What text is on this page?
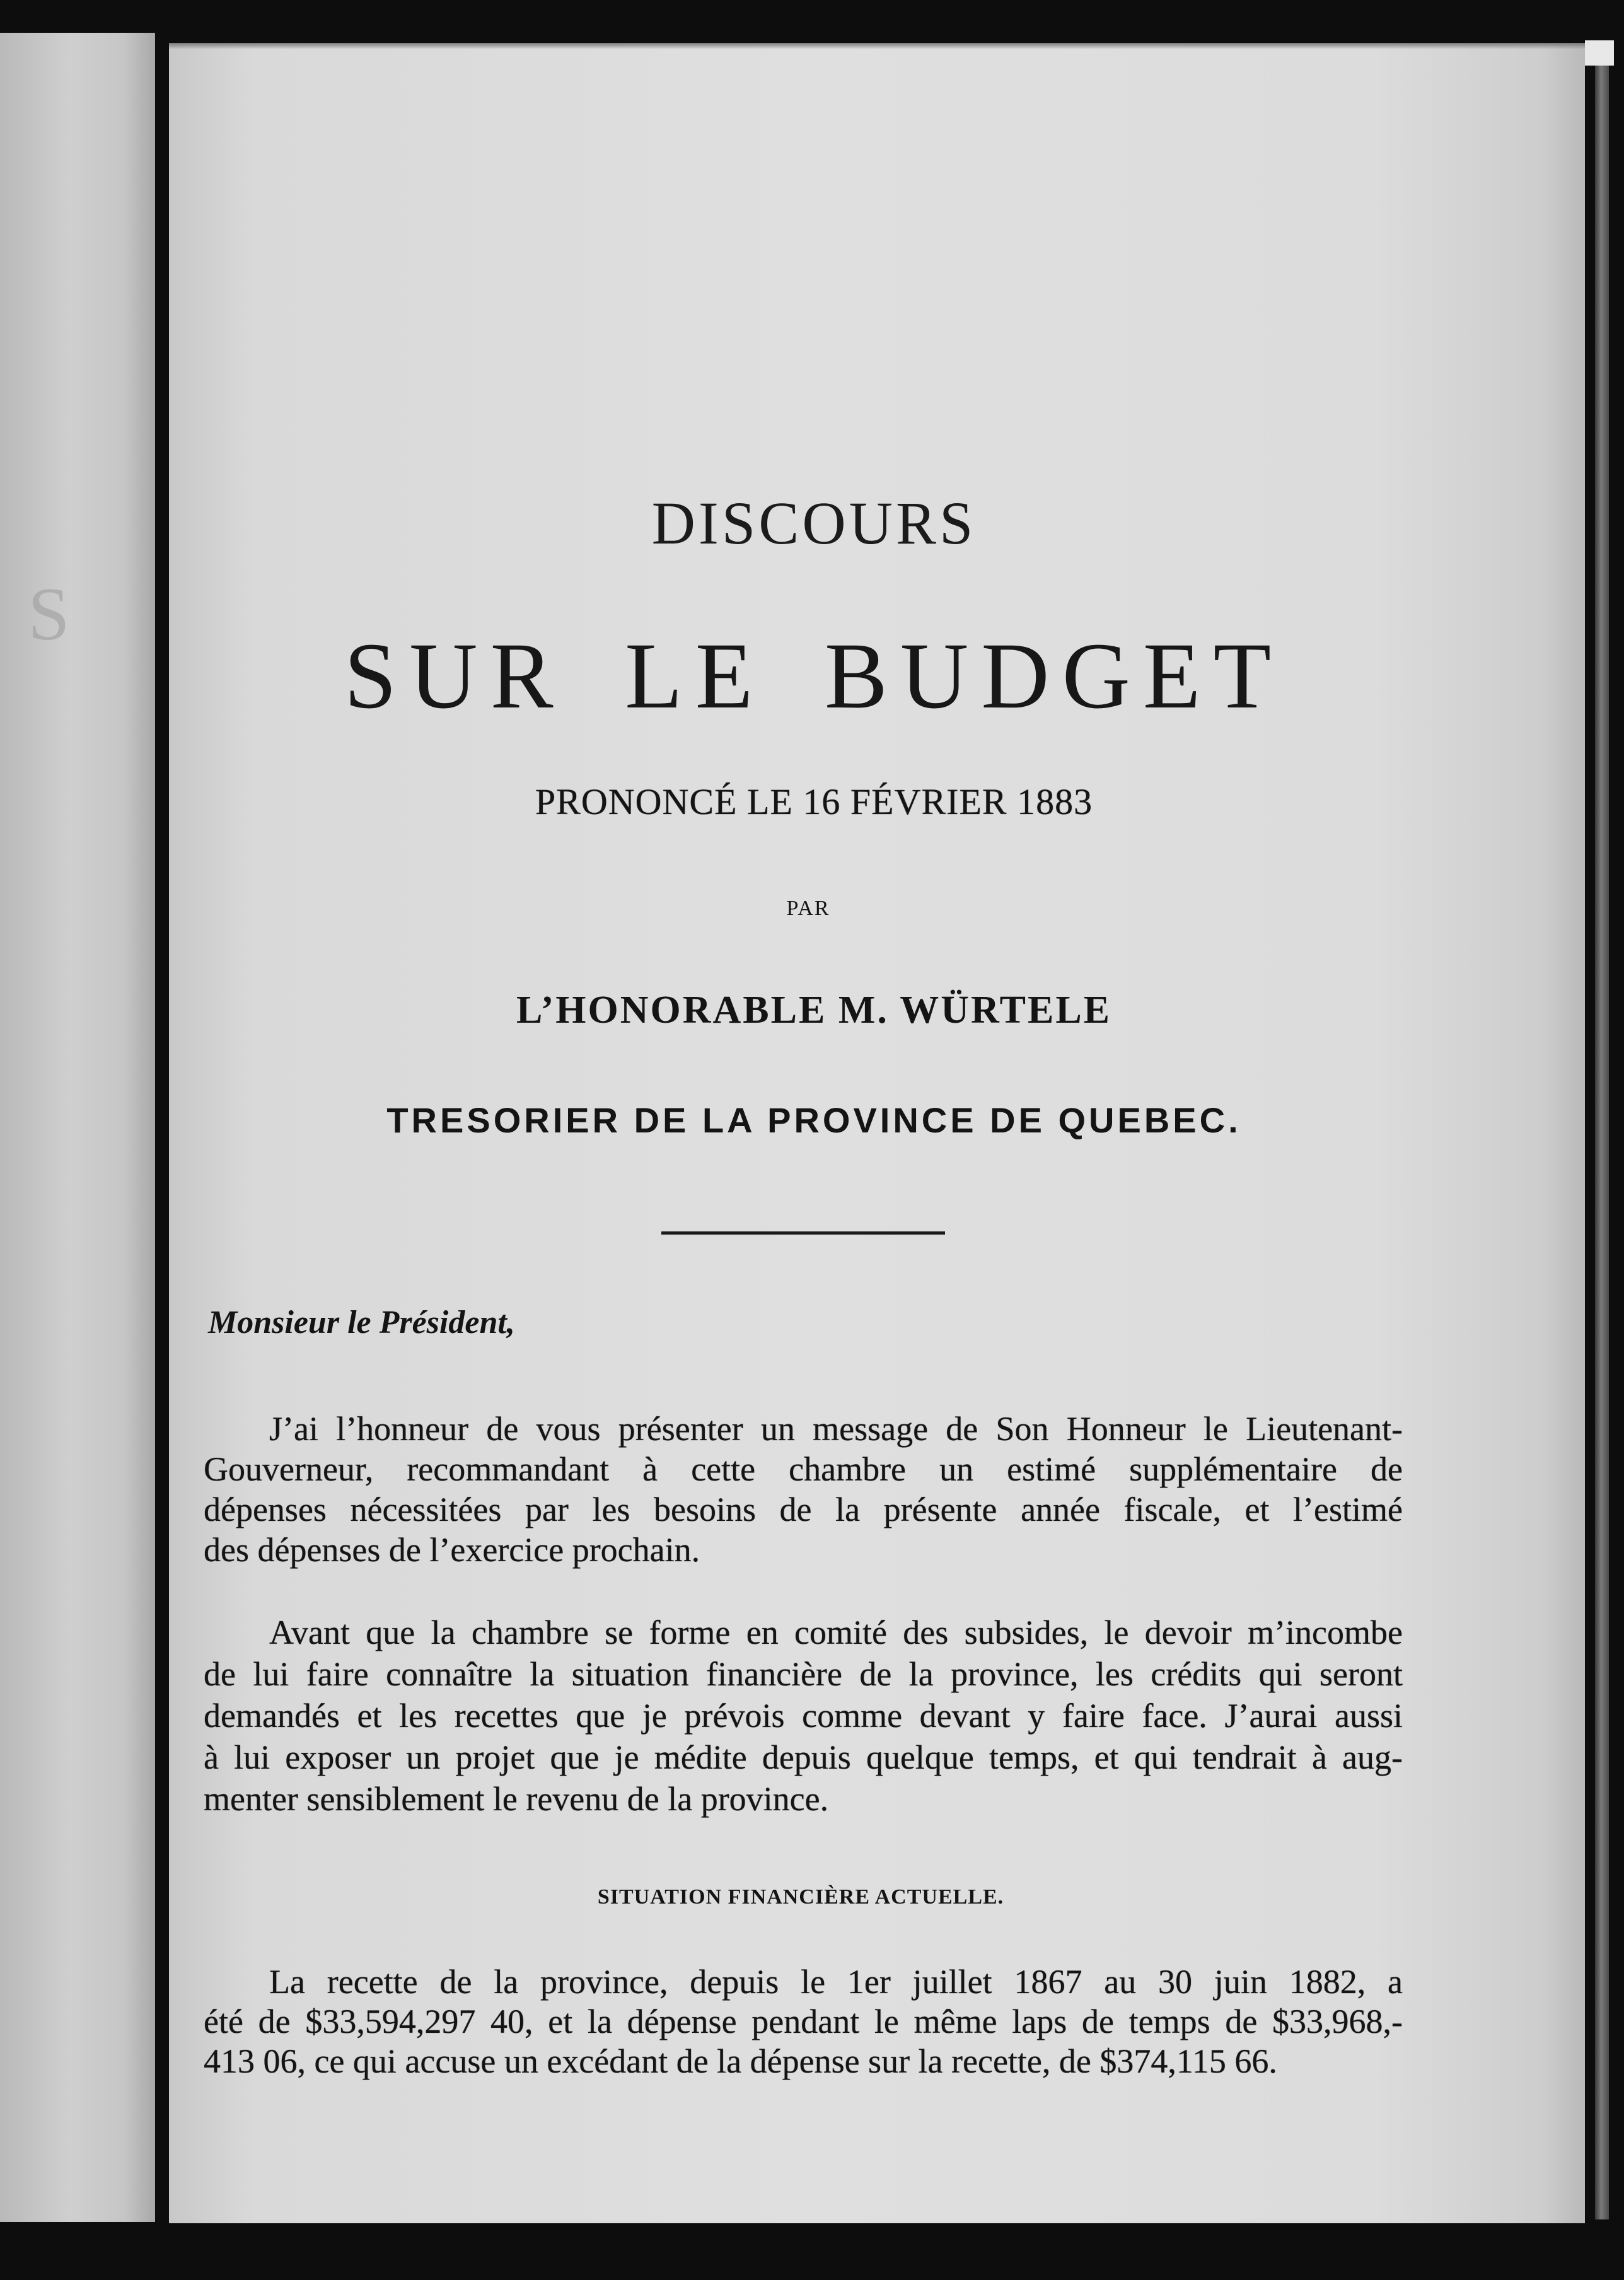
S
DISCOURS
SUR LE BUDGET
PRONONCÉ LE 16 FÉVRIER 1883
PAR
L’HONORABLE M. WÜRTELE
TRESORIER DE LA PROVINCE DE QUEBEC.
Monsieur le Président,
J’ai l’honneur de vous présenter un message de Son Honneur le Lieutenant-
Gouverneur, recommandant à cette chambre un estimé supplémentaire de
dépenses nécessitées par les besoins de la présente année fiscale, et l’estimé
des dépenses de l’exercice prochain.
Avant que la chambre se forme en comité des subsides, le devoir m’incombe
de lui faire connaître la situation financière de la province, les crédits qui seront
demandés et les recettes que je prévois comme devant y faire face. J’aurai aussi
à lui exposer un projet que je médite depuis quelque temps, et qui tendrait à aug-
menter sensiblement le revenu de la province.
SITUATION FINANCIÈRE ACTUELLE.
La recette de la province, depuis le 1er juillet 1867 au 30 juin 1882, a
été de $33,594,297 40, et la dépense pendant le même laps de temps de $33,968,-
413 06, ce qui accuse un excédant de la dépense sur la recette, de $374,115 66.
